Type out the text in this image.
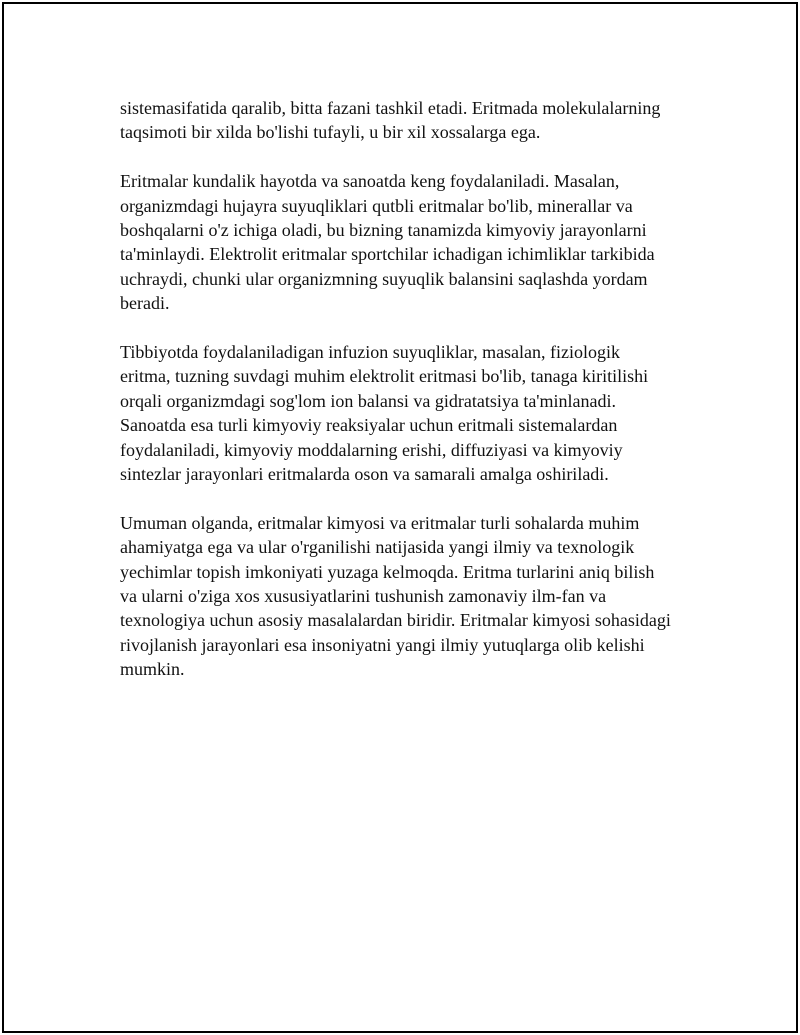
sistemasifatida qaralib, bitta fazani tashkil etadi. Eritmada molekulalarning
taqsimoti bir xilda bo'lishi tufayli, u bir xil xossalarga ega.

Eritmalar kundalik hayotda va sanoatda keng foydalaniladi. Masalan,
organizmdagi hujayra suyuqliklari qutbli eritmalar bo'lib, minerallar va
boshqalarni o'z ichiga oladi, bu bizning tanamizda kimyoviy jarayonlarni
ta'minlaydi. Elektrolit eritmalar sportchilar ichadigan ichimliklar tarkibida
uchraydi, chunki ular organizmning suyuqlik balansini saqlashda yordam
beradi.

Tibbiyotda foydalaniladigan infuzion suyuqliklar, masalan, fiziologik
eritma, tuzning suvdagi muhim elektrolit eritmasi bo'lib, tanaga kiritilishi
orqali organizmdagi sog'lom ion balansi va gidratatsiya ta'minlanadi.
Sanoatda esa turli kimyoviy reaksiyalar uchun eritmali sistemalardan
foydalaniladi, kimyoviy moddalarning erishi, diffuziyasi va kimyoviy
sintezlar jarayonlari eritmalarda oson va samarali amalga oshiriladi.

Umuman olganda, eritmalar kimyosi va eritmalar turli sohalarda muhim
ahamiyatga ega va ular o'rganilishi natijasida yangi ilmiy va texnologik
yechimlar topish imkoniyati yuzaga kelmoqda. Eritma turlarini aniq bilish
va ularni o'ziga xos xususiyatlarini tushunish zamonaviy ilm-fan va
texnologiya uchun asosiy masalalardan biridir. Eritmalar kimyosi sohasidagi
rivojlanish jarayonlari esa insoniyatni yangi ilmiy yutuqlarga olib kelishi
mumkin.
